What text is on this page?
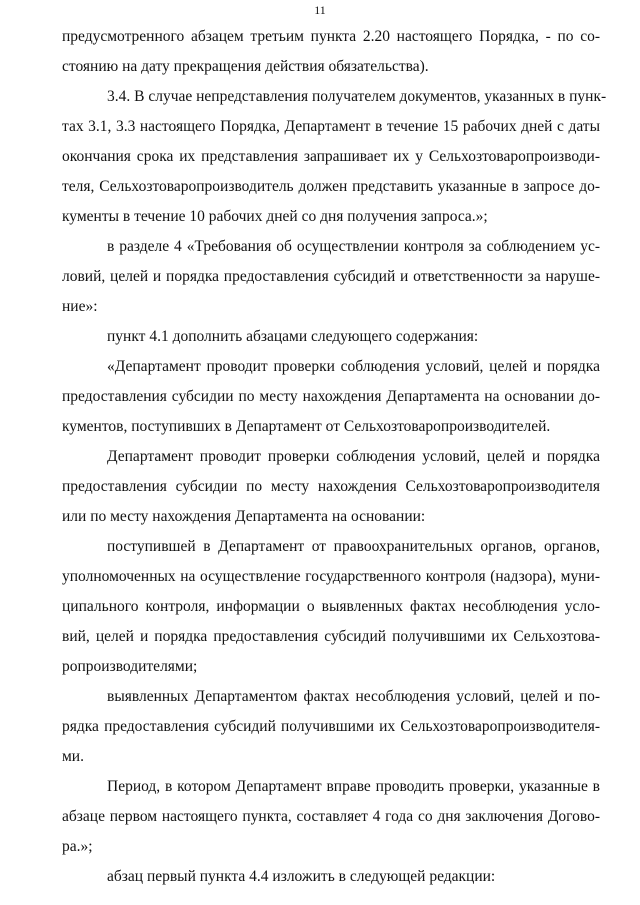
11
предусмотренного абзацем третьим пункта 2.20 настоящего Порядка, - по со-
стоянию на дату прекращения действия обязательства).
3.4. В случае непредставления получателем документов, указанных в пунк-
тах 3.1, 3.3 настоящего Порядка, Департамент в течение 15 рабочих дней с даты
окончания срока их представления запрашивает их у Сельхозтоваропроизводи-
теля, Сельхозтоваропроизводитель должен представить указанные в запросе до-
кументы в течение 10 рабочих дней со дня получения запроса.»;
в разделе 4 «Требования об осуществлении контроля за соблюдением ус-
ловий, целей и порядка предоставления субсидий и ответственности за наруше-
ние»:
пункт 4.1 дополнить абзацами следующего содержания:
«Департамент проводит проверки соблюдения условий, целей и порядка
предоставления субсидии по месту нахождения Департамента на основании до-
кументов, поступивших в Департамент от Сельхозтоваропроизводителей.
Департамент проводит проверки соблюдения условий, целей и порядка
предоставления субсидии по месту нахождения Сельхозтоваропроизводителя
или по месту нахождения Департамента на основании:
поступившей в Департамент от правоохранительных органов, органов,
уполномоченных на осуществление государственного контроля (надзора), муни-
ципального контроля, информации о выявленных фактах несоблюдения усло-
вий, целей и порядка предоставления субсидий получившими их Сельхозтова-
ропроизводителями;
выявленных Департаментом фактах несоблюдения условий, целей и по-
рядка предоставления субсидий получившими их Сельхозтоваропроизводителя-
ми.
Период, в котором Департамент вправе проводить проверки, указанные в
абзаце первом настоящего пункта, составляет 4 года со дня заключения Догово-
ра.»;
абзац первый пункта 4.4 изложить в следующей редакции:
